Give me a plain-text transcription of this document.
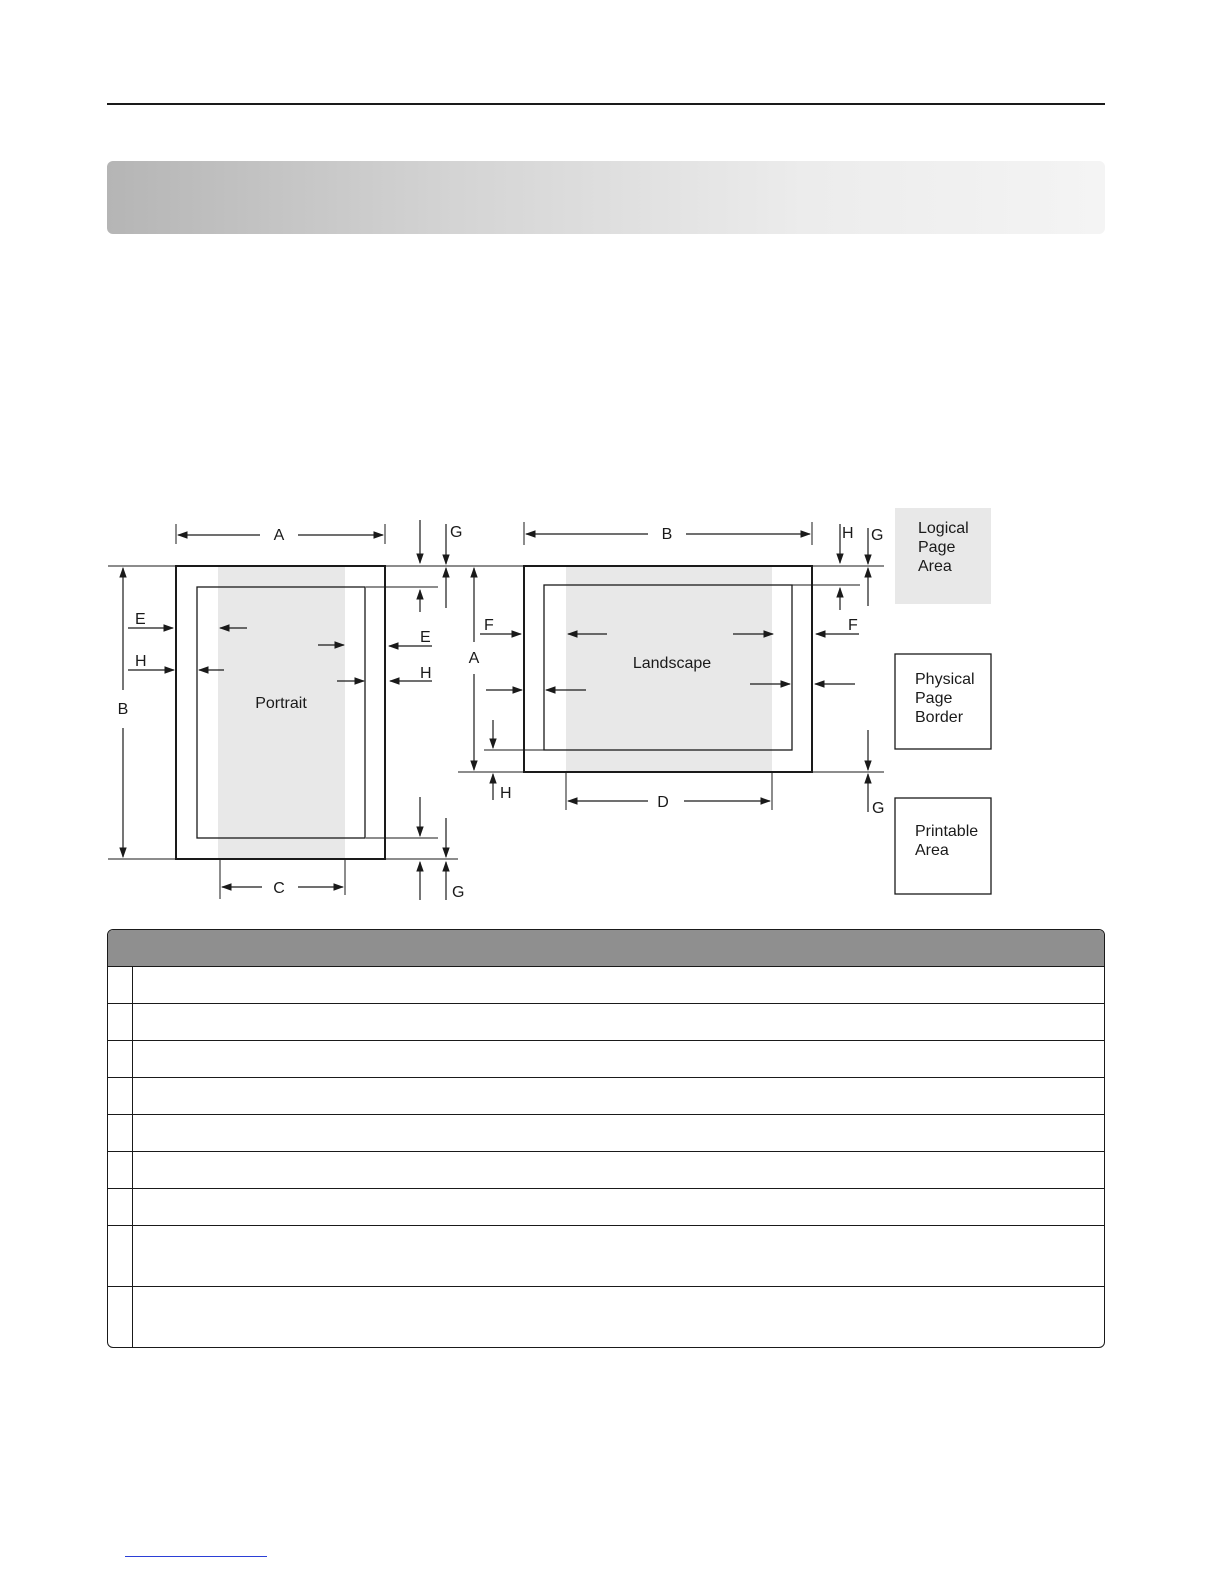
Portrait
A
B
C
E
E
H
H
G
G
Landscape
B
A
D
F	F
H
H G
G
Logical Page Area
Physical Page Border
Printable Area
